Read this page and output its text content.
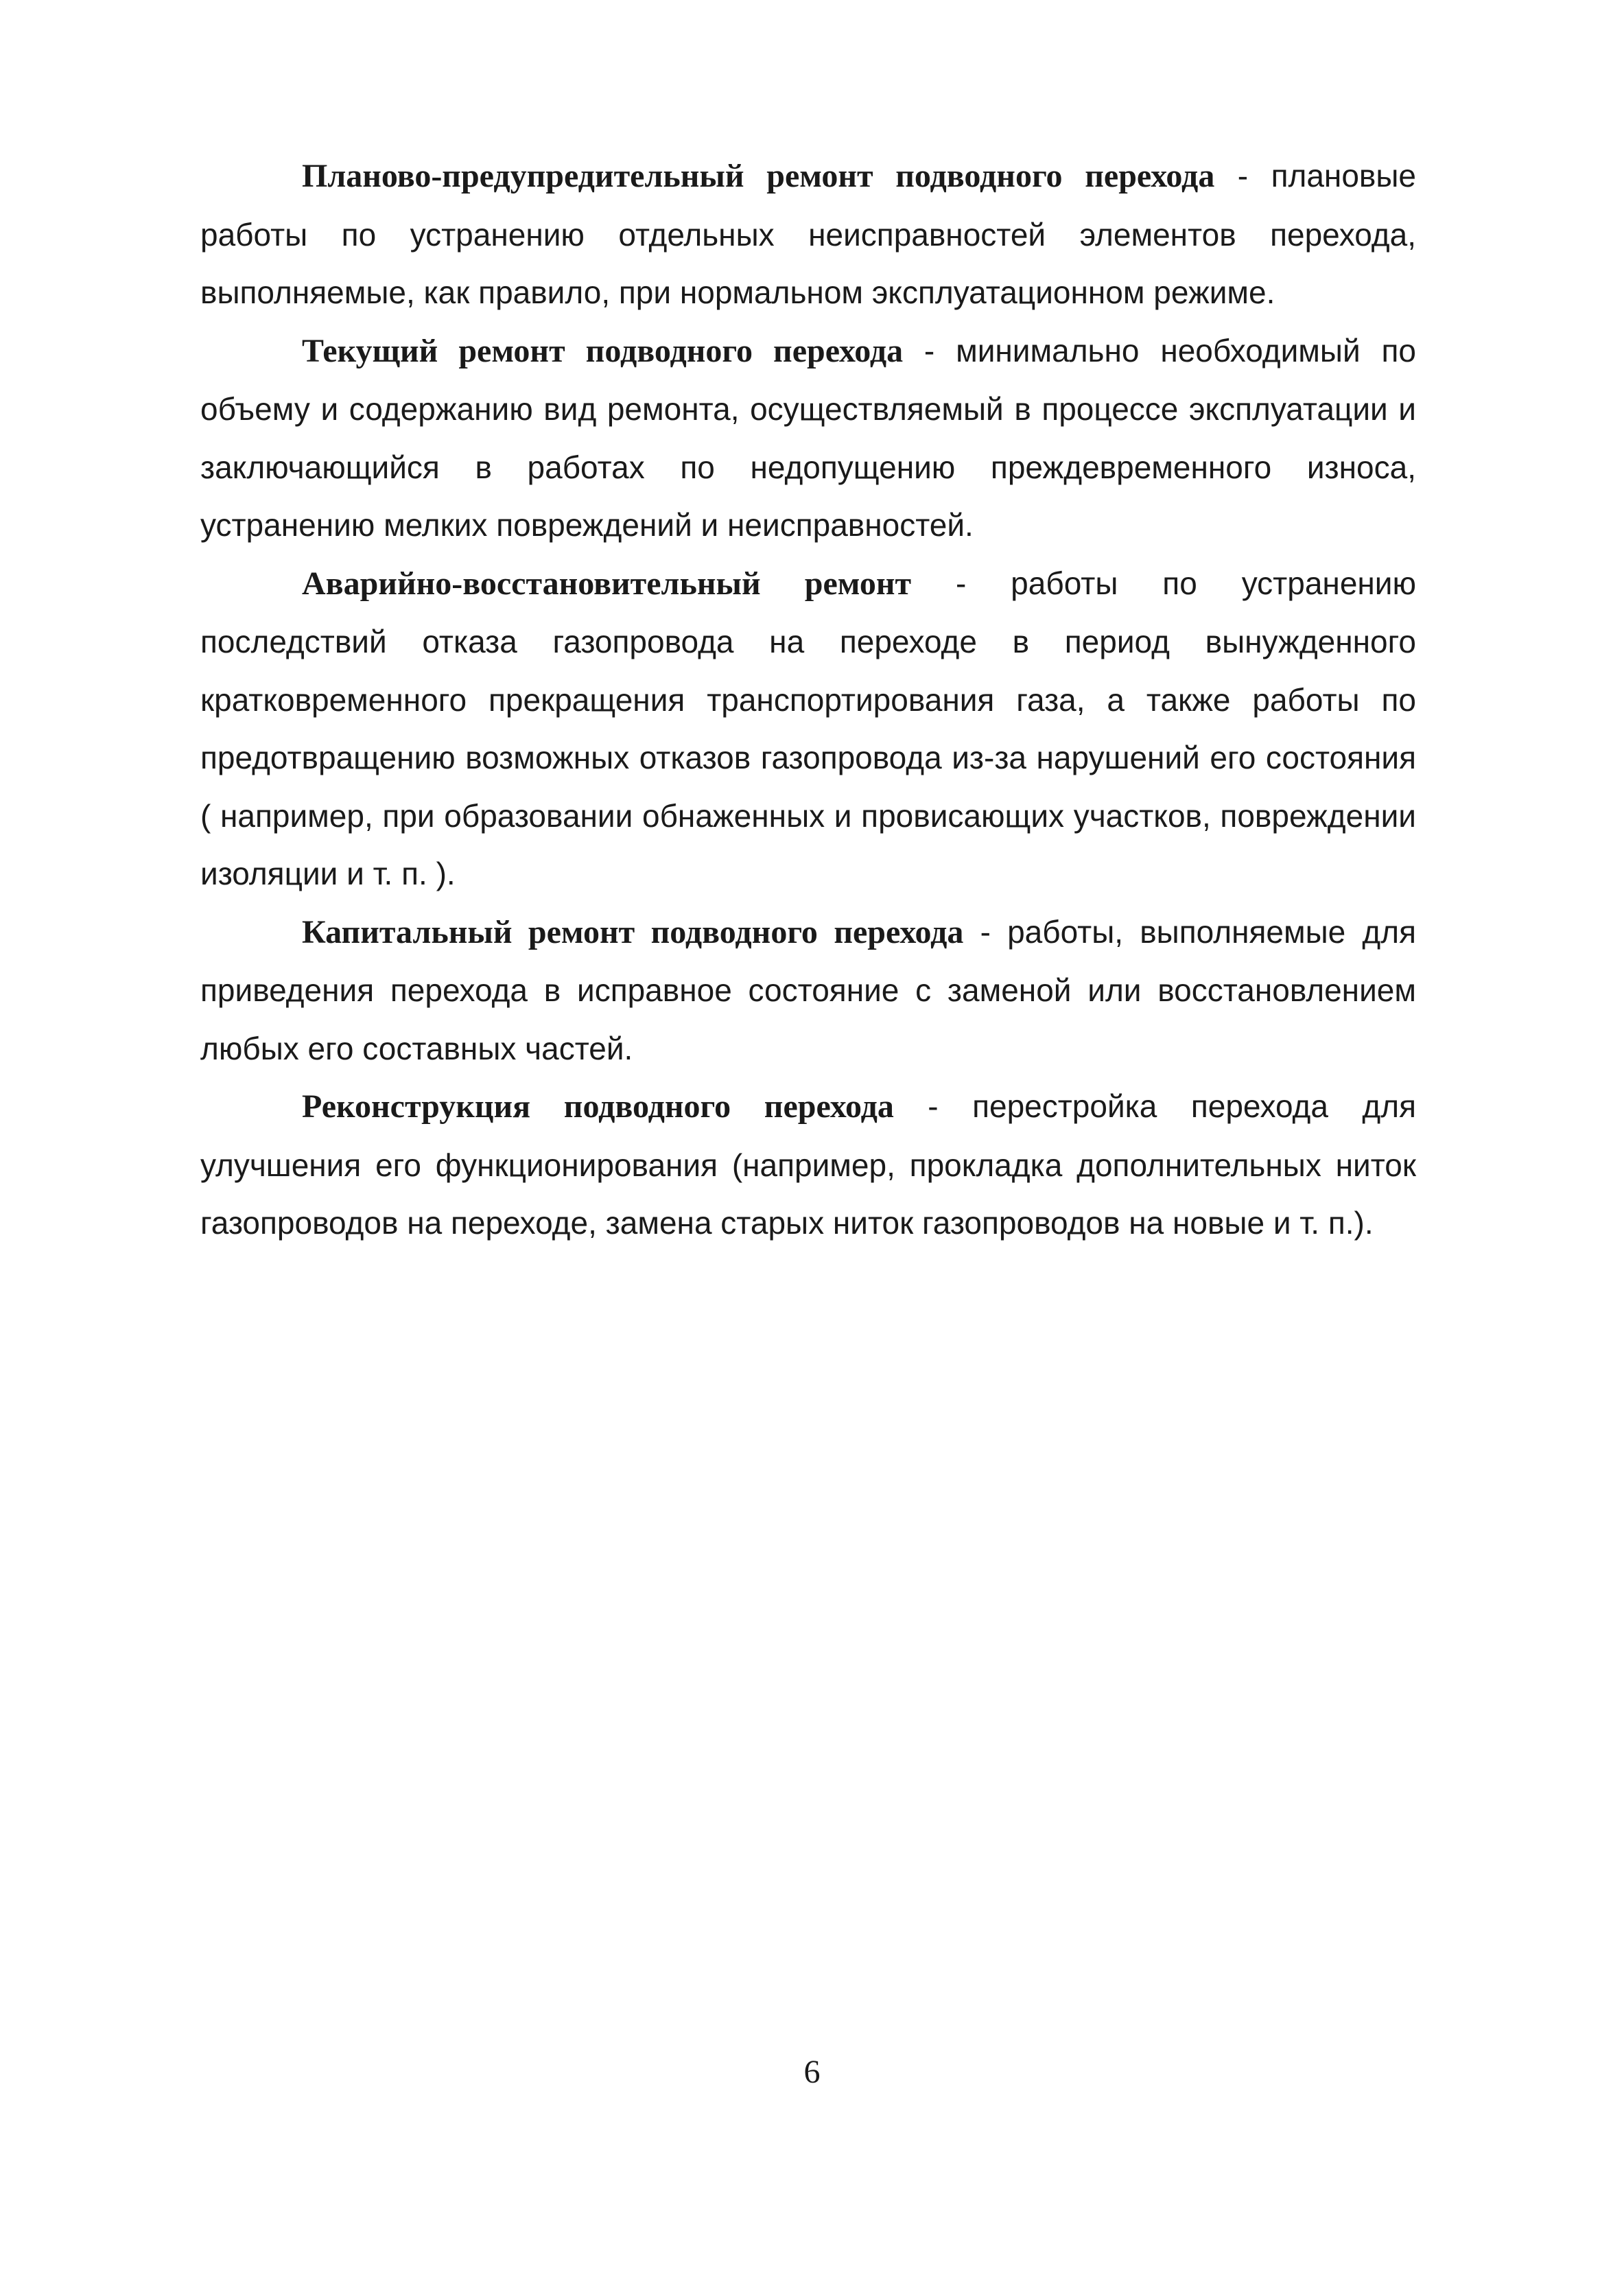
Планово-предупредительный ремонт подводного перехода - плановые работы по устранению отдельных неисправностей элементов перехода, выполняемые, как правило, при нормальном эксплуатационном режиме.

Текущий ремонт подводного перехода - минимально необходимый по объему и содержанию вид ремонта, осуществляемый в процессе эксплуатации и заключающийся в работах по недопущению преждевременного износа, устранению мелких повреждений и неисправностей.

Аварийно-восстановительный ремонт - работы по устранению последствий отказа газопровода на переходе в период вынужденного кратковременного прекращения транспортирования газа, а также работы по предотвращению возможных отказов газопровода из-за нарушений его состояния ( например, при образовании обнаженных и провисающих участков, повреждении изоляции и т. п. ).

Капитальный ремонт подводного перехода - работы, выполняемые для приведения перехода в исправное состояние с заменой или восстановлением любых его составных частей.

Реконструкция подводного перехода - перестройка перехода для улучшения его функционирования (например, прокладка дополнительных ниток газопроводов на переходе, замена старых ниток газопроводов на новые и т. п.).

6
